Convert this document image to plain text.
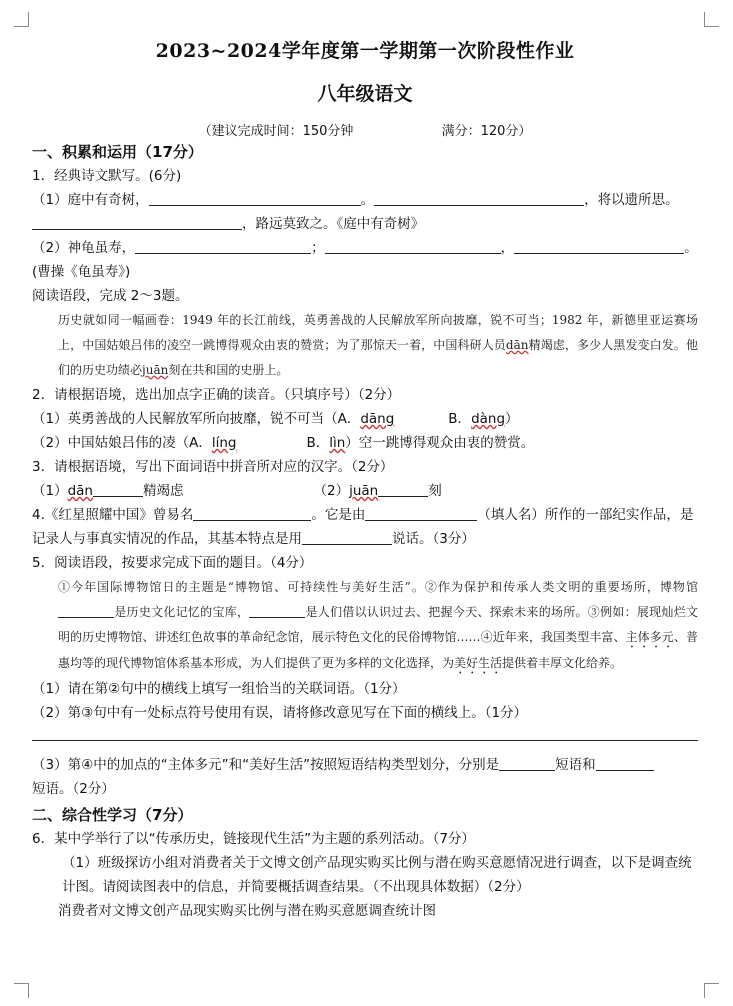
2023~2024学年度第一学期第一次阶段性作业
八年级语文
（建议完成时间：150分钟	满分：120分）
一、积累和运用（17分）
1．经典诗文默写。(6分)
（1）庭中有奇树，	。	，将以遗所思。
，路远莫致之。《庭中有奇树》
（2）神龟虽寿，	；	，	。
(曹操《龟虽寿》)
阅读语段，完成 2～3题。
历史就如同一幅画卷：1949 年的长江前线，英勇善战的人民解放军所向披靡，锐不可当；1982 年，新德里亚运赛场上，中国姑娘吕伟的凌空一跳博得观众由衷的赞赏；为了那惊天一着，中国科研人员dān精竭虑，多少人黑发变白发。他们的历史功绩必juān刻在共和国的史册上。
2．请根据语境，选出加点字正确的读音。（只填序号）（2分）
（1）英勇善战的人民解放军所向披靡，锐不可当（A．dāng	B．dàng）
（2）中国姑娘吕伟的凌（A．líng	B．lìn）空一跳博得观众由衷的赞赏。
3．请根据语境，写出下面词语中拼音所对应的汉字。（2分）
（1）dān	精竭虑	（2）juān	刻
4.《红星照耀中国》曾易名	。它是由	（填人名）所作的一部纪实作品，是
记录人与事真实情况的作品，其基本特点是用	说话。（3分）
5．阅读语段，按要求完成下面的题目。（4分）
①今年国际博物馆日的主题是“博物馆、可持续性与美好生活”。②作为保护和传承人类文明的重要场所，博物馆是历史文化记忆的宝库，	是人们借以认识过去、把握今天、探索未来的场所。③例如：展现灿烂文明的历史博物馆、讲述红色故事的革命纪念馆，展示特色文化的民俗博物馆……④近年来，我国类型丰富、主体多元、普惠均等的现代博物馆体系基本形成，为人们提供了更为多样的文化选择，为美好生活提供着丰厚文化给养。
（1）请在第②句中的横线上填写一组恰当的关联词语。（1分）
（2）第③句中有一处标点符号使用有误，请将修改意见写在下面的横线上。（1分）
（3）第④中的加点的“主体多元”和“美好生活”按照短语结构类型划分，分别是	短语和
短语。（2分）
二、综合性学习（7分）
6．某中学举行了以“传承历史，链接现代生活”为主题的系列活动。（7分）
（1）班级探访小组对消费者关于文博文创产品现实购买比例与潜在购买意愿情况进行调查，以下是调查统计图。请阅读图表中的信息，并简要概括调查结果。（不出现具体数据）（2分）
消费者对文博文创产品现实购买比例与潜在购买意愿调查统计图
